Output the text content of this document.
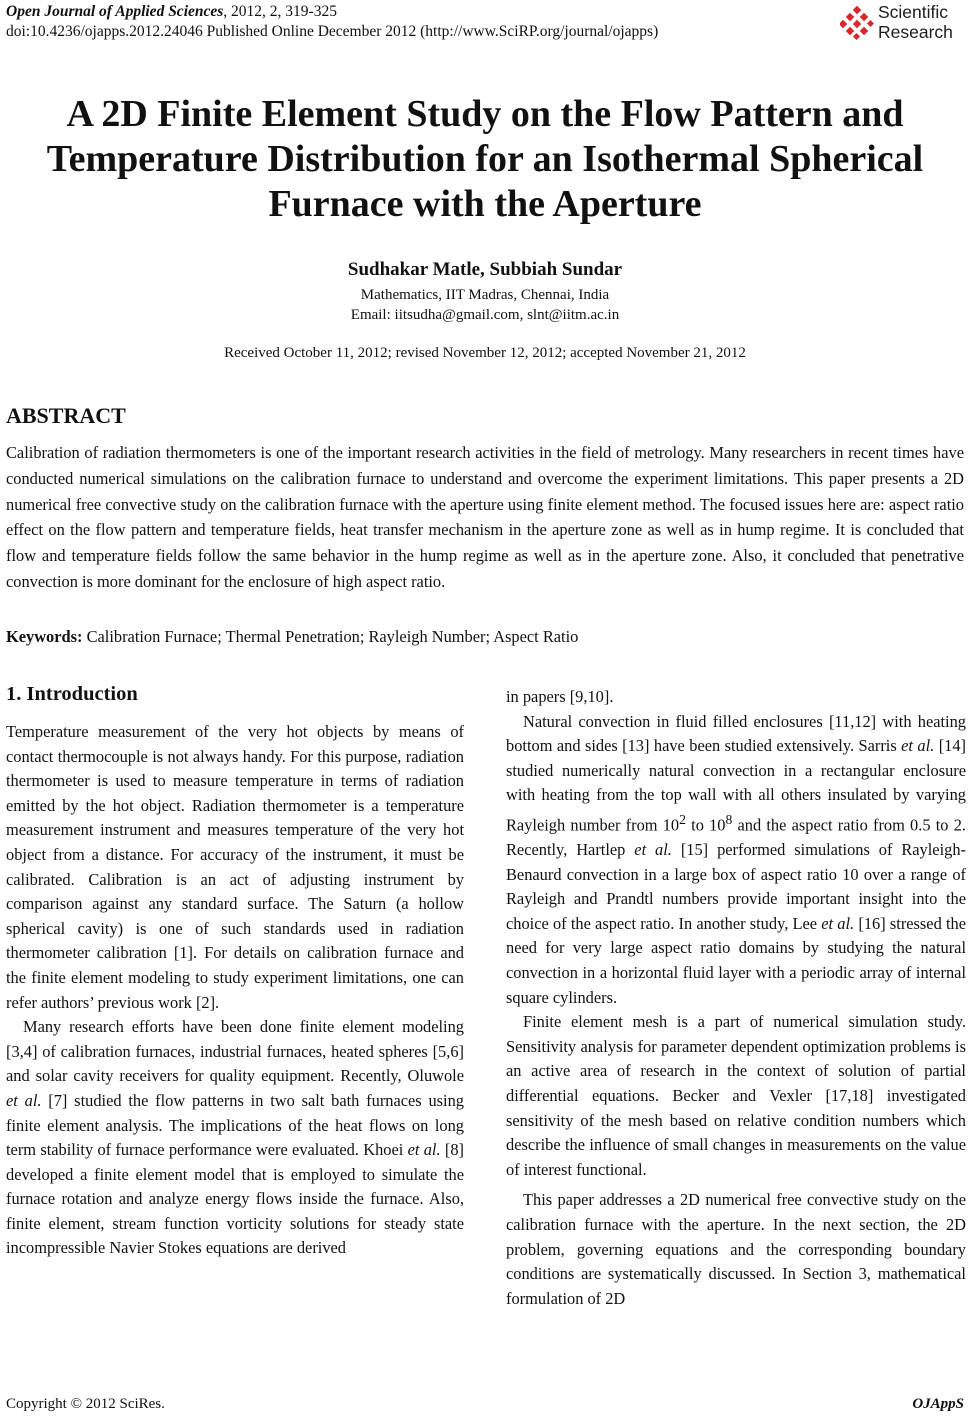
Open Journal of Applied Sciences, 2012, 2, 319-325
doi:10.4236/ojapps.2012.24046 Published Online December 2012 (http://www.SciRP.org/journal/ojapps)
Scientific
Research
A 2D Finite Element Study on the Flow Pattern and
Temperature Distribution for an Isothermal Spherical
Furnace with the Aperture
Sudhakar Matle, Subbiah Sundar
Mathematics, IIT Madras, Chennai, India
Email: iitsudha@gmail.com, slnt@iitm.ac.in
Received October 11, 2012; revised November 12, 2012; accepted November 21, 2012
ABSTRACT
Calibration of radiation thermometers is one of the important research activities in the field of metrology. Many researchers in recent times have conducted numerical simulations on the calibration furnace to understand and overcome the experiment limitations. This paper presents a 2D numerical free convective study on the calibration furnace with the aperture using finite element method. The focused issues here are: aspect ratio effect on the flow pattern and temperature fields, heat transfer mechanism in the aperture zone as well as in hump regime. It is concluded that flow and temperature fields follow the same behavior in the hump regime as well as in the aperture zone. Also, it concluded that penetrative convection is more dominant for the enclosure of high aspect ratio.
Keywords: Calibration Furnace; Thermal Penetration; Rayleigh Number; Aspect Ratio
1. Introduction

Temperature measurement of the very hot objects by means of contact thermocouple is not always handy. For this purpose, radiation thermometer is used to measure temperature in terms of radiation emitted by the hot object. Radiation thermometer is a temperature measurement instrument and measures temperature of the very hot object from a distance. For accuracy of the instrument, it must be calibrated. Calibration is an act of adjusting instrument by comparison against any standard surface. The Saturn (a hollow spherical cavity) is one of such standards used in radiation thermometer calibration [1]. For details on calibration furnace and the finite element modeling to study experiment limitations, one can refer authors’ previous work [2].

Many research efforts have been done finite element modeling [3,4] of calibration furnaces, industrial furnaces, heated spheres [5,6] and solar cavity receivers for quality equipment. Recently, Oluwole et al. [7] studied the flow patterns in two salt bath furnaces using finite element analysis. The implications of the heat flows on long term stability of furnace performance were evaluated. Khoei et al. [8] developed a finite element model that is employed to simulate the furnace rotation and analyze energy flows inside the furnace. Also, finite element, stream function vorticity solutions for steady state incompressible Navier Stokes equations are derived

in papers [9,10].

Natural convection in fluid filled enclosures [11,12] with heating bottom and sides [13] have been studied extensively. Sarris et al. [14] studied numerically natural convection in a rectangular enclosure with heating from the top wall with all others insulated by varying Rayleigh number from $10^2$ to $10^8$ and the aspect ratio from 0.5 to 2. Recently, Hartlep et al. [15] performed simulations of Rayleigh-Benaurd convection in a large box of aspect ratio 10 over a range of Rayleigh and Prandtl numbers provide important insight into the choice of the aspect ratio. In another study, Lee et al. [16] stressed the need for very large aspect ratio domains by studying the natural convection in a horizontal fluid layer with a periodic array of internal square cylinders.

Finite element mesh is a part of numerical simulation study. Sensitivity analysis for parameter dependent optimization problems is an active area of research in the context of solution of partial differential equations. Becker and Vexler [17,18] investigated sensitivity of the mesh based on relative condition numbers which describe the influence of small changes in measurements on the value of interest functional.

This paper addresses a 2D numerical free convective study on the calibration furnace with the aperture. In the next section, the 2D problem, governing equations and the corresponding boundary conditions are systematically discussed. In Section 3, mathematical formulation of 2D

Copyright © 2012 SciRes.	OJAppS
